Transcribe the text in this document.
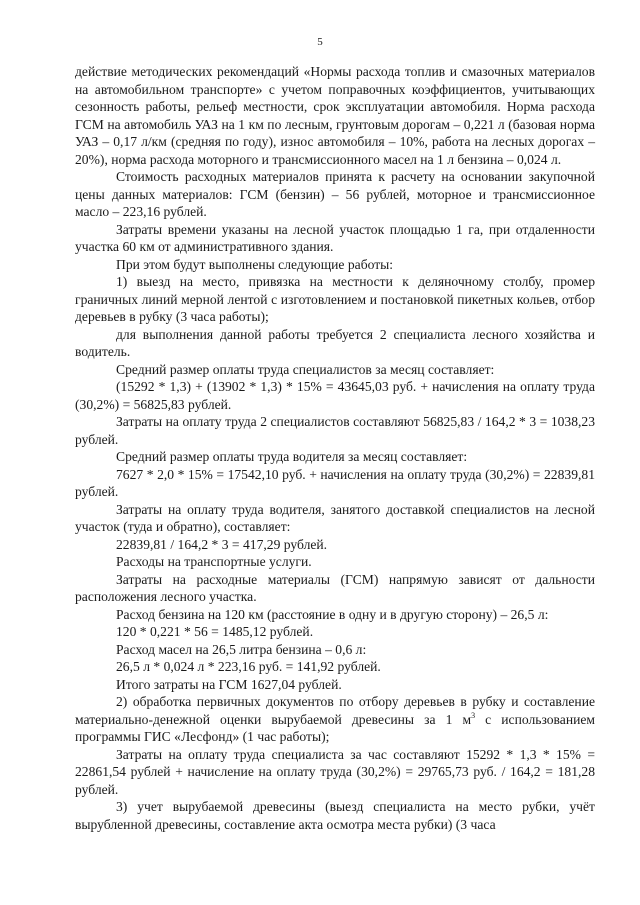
5

действие методических рекомендаций «Нормы расхода топлив и смазочных материалов на автомобильном транспорте» с учетом поправочных коэффициентов, учитывающих сезонность работы, рельеф местности, срок эксплуатации автомобиля. Норма расхода ГСМ на автомобиль УАЗ на 1 км по лесным, грунтовым дорогам – 0,221 л (базовая норма УАЗ – 0,17 л/км (средняя по году), износ автомобиля – 10%, работа на лесных дорогах – 20%), норма расхода моторного и трансмиссионного масел на 1 л бензина – 0,024 л.

Стоимость расходных материалов принята к расчету на основании закупочной цены данных материалов: ГСМ (бензин) – 56 рублей, моторное и трансмиссионное масло – 223,16 рублей.

Затраты времени указаны на лесной участок площадью 1 га, при отдаленности участка 60 км от административного здания.

При этом будут выполнены следующие работы:

1) выезд на место, привязка на местности к деляночному столбу, промер граничных линий мерной лентой с изготовлением и постановкой пикетных кольев, отбор деревьев в рубку (3 часа работы);

для выполнения данной работы требуется 2 специалиста лесного хозяйства и водитель.

Средний размер оплаты труда специалистов за месяц составляет:

(15292 * 1,3) + (13902 * 1,3) * 15% = 43645,03 руб. + начисления на оплату труда (30,2%) = 56825,83 рублей.

Затраты на оплату труда 2 специалистов составляют 56825,83 / 164,2 * 3 = 1038,23 рублей.

Средний размер оплаты труда водителя за месяц составляет:

7627 * 2,0 * 15% = 17542,10 руб. + начисления на оплату труда (30,2%) = 22839,81 рублей.

Затраты на оплату труда водителя, занятого доставкой специалистов на лесной участок (туда и обратно), составляет:

22839,81 / 164,2 * 3 = 417,29 рублей.

Расходы на транспортные услуги.

Затраты на расходные материалы (ГСМ) напрямую зависят от дальности расположения лесного участка.

Расход бензина на 120 км (расстояние в одну и в другую сторону) – 26,5 л:

120 * 0,221 * 56 = 1485,12 рублей.

Расход масел на 26,5 литра бензина – 0,6 л:

26,5 л * 0,024 л * 223,16 руб. = 141,92 рублей.

Итого затраты на ГСМ 1627,04 рублей.

2) обработка первичных документов по отбору деревьев в рубку и составление материально-денежной оценки вырубаемой древесины за 1 $м^3$ с использованием программы ГИС «Лесфонд» (1 час работы);

Затраты на оплату труда специалиста за час составляют 15292 * 1,3 * 15% = 22861,54 рублей + начисление на оплату труда (30,2%) = 29765,73 руб. / 164,2 = 181,28 рублей.

3) учет вырубаемой древесины (выезд специалиста на место рубки, учёт вырубленной древесины, составление акта осмотра места рубки) (3 часа
